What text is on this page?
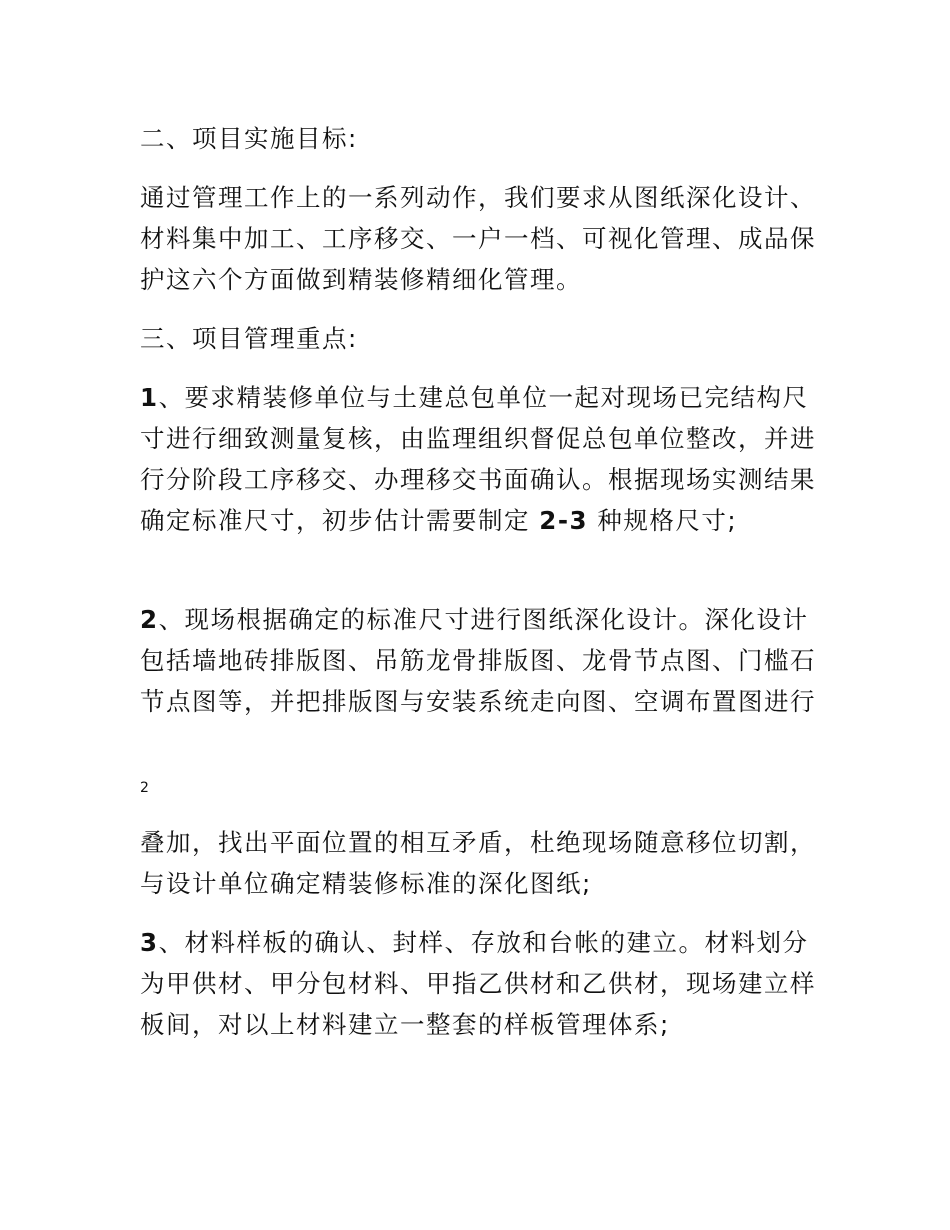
二、项目实施目标:

通过管理工作上的一系列动作，我们要求从图纸深化设计、材料集中加工、工序移交、一户一档、可视化管理、成品保护这六个方面做到精装修精细化管理。

三、项目管理重点:

1、要求精装修单位与土建总包单位一起对现场已完结构尺寸进行细致测量复核，由监理组织督促总包单位整改，并进行分阶段工序移交、办理移交书面确认。根据现场实测结果确定标准尺寸，初步估计需要制定 2-3 种规格尺寸;

2、现场根据确定的标准尺寸进行图纸深化设计。深化设计包括墙地砖排版图、吊筋龙骨排版图、龙骨节点图、门槛石节点图等，并把排版图与安装系统走向图、空调布置图进行

2

叠加，找出平面位置的相互矛盾，杜绝现场随意移位切割，与设计单位确定精装修标准的深化图纸;

3、材料样板的确认、封样、存放和台帐的建立。材料划分为甲供材、甲分包材料、甲指乙供材和乙供材，现场建立样板间，对以上材料建立一整套的样板管理体系;
